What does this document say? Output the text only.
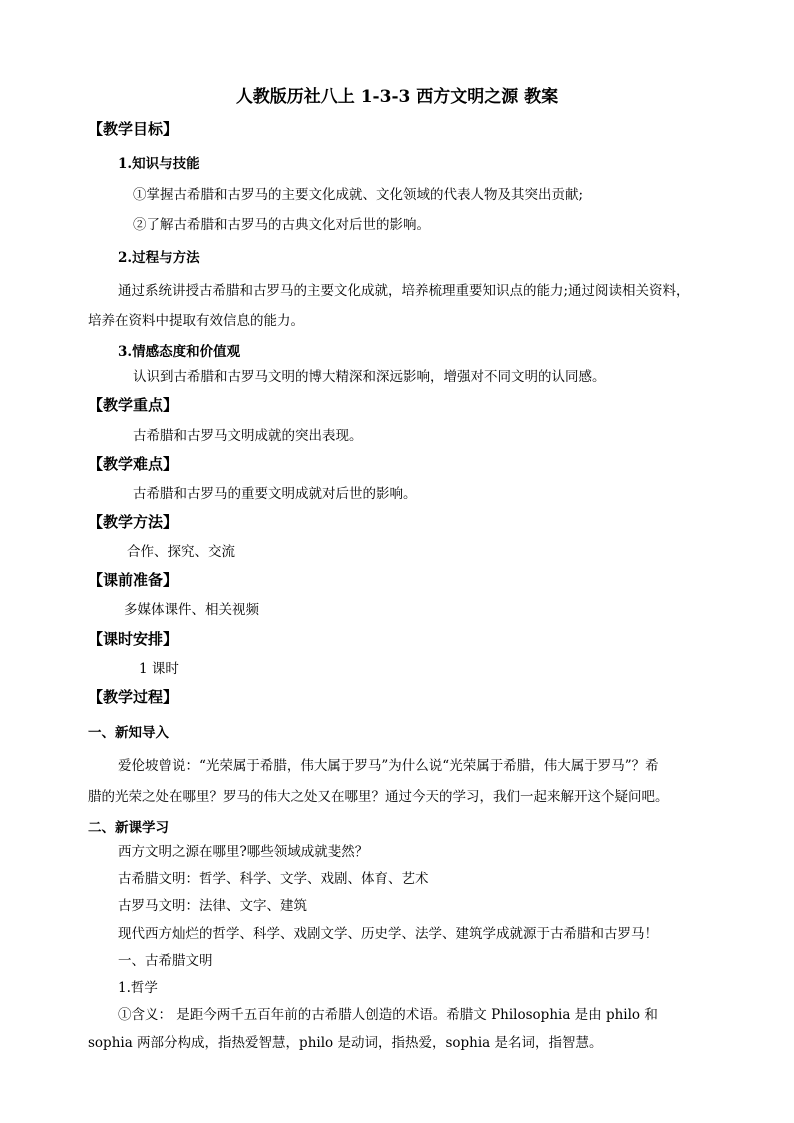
人教版历社八上 1-3-3 西方文明之源 教案
【教学目标】
1.知识与技能
①掌握古希腊和古罗马的主要文化成就、文化领域的代表人物及其突出贡献;
②了解古希腊和古罗马的古典文化对后世的影响。
2.过程与方法
通过系统讲授古希腊和古罗马的主要文化成就，培养梳理重要知识点的能力;通过阅读相关资料，
培养在资料中提取有效信息的能力。
3.情感态度和价值观
认识到古希腊和古罗马文明的博大精深和深远影响，增强对不同文明的认同感。
【教学重点】
古希腊和古罗马文明成就的突出表现。
【教学难点】
古希腊和古罗马的重要文明成就对后世的影响。
【教学方法】
合作、探究、交流
【课前准备】
多媒体课件、相关视频
【课时安排】
1 课时
【教学过程】
一、新知导入
爱伦坡曾说：“光荣属于希腊，伟大属于罗马”为什么说“光荣属于希腊，伟大属于罗马”？希
腊的光荣之处在哪里？罗马的伟大之处又在哪里？通过今天的学习，我们一起来解开这个疑问吧。
二、新课学习
西方文明之源在哪里?哪些领域成就斐然？
古希腊文明：哲学、科学、文学、戏剧、体育、艺术
古罗马文明：法律、文字、建筑
现代西方灿烂的哲学、科学、戏剧文学、历史学、法学、建筑学成就源于古希腊和古罗马！
一、古希腊文明
1.哲学
①含义： 是距今两千五百年前的古希腊人创造的术语。希腊文 Philosophia 是由 philo 和
sophia 两部分构成，指热爱智慧，philo 是动词，指热爱，sophia 是名词，指智慧。
